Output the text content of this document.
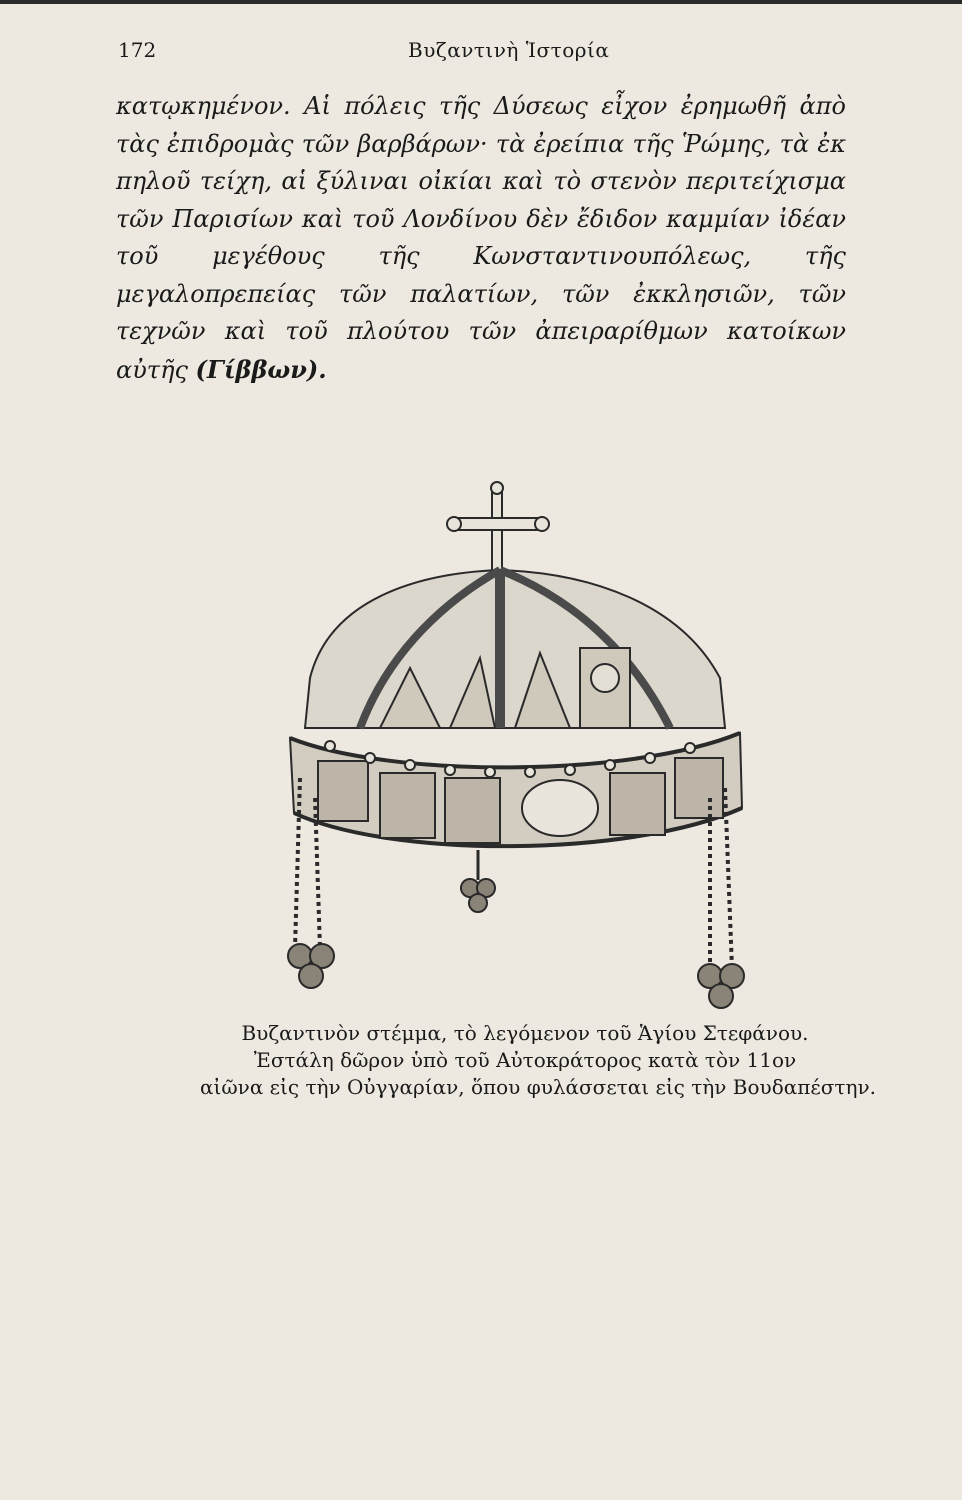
172	Βυζαντινὴ Ἱστορία
κατῳκημένον. Αἱ πόλεις τῆς Δύσεως εἶχον ἐρημωθῆ ἀπὸ τὰς ἐπιδρομὰς τῶν βαρβάρων· τὰ ἐρείπια τῆς Ῥώμης, τὰ ἐκ πηλοῦ τείχη, αἱ ξύλιναι οἰκίαι καὶ τὸ στενὸν περιτείχισμα τῶν Παρισίων καὶ τοῦ Λονδίνου δὲν ἔδιδον καμμίαν ἰδέαν τοῦ μεγέθους τῆς Κωνσταντινουπόλεως, τῆς μεγαλοπρεπείας τῶν παλατίων, τῶν ἐκκλησιῶν, τῶν τεχνῶν καὶ τοῦ πλούτου τῶν ἀπειραρίθμων κατοίκων αὐτῆς (Γίββων).
Βυζαντινὸν στέμμα, τὸ λεγόμενον τοῦ Ἁγίου Στεφάνου.
Ἐστάλη δῶρον ὑπὸ τοῦ Αὐτοκράτορος κατὰ τὸν 11ον
αἰῶνα εἰς τὴν Οὐγγαρίαν, ὅπου φυλάσσεται εἰς τὴν Βουδαπέστην.
